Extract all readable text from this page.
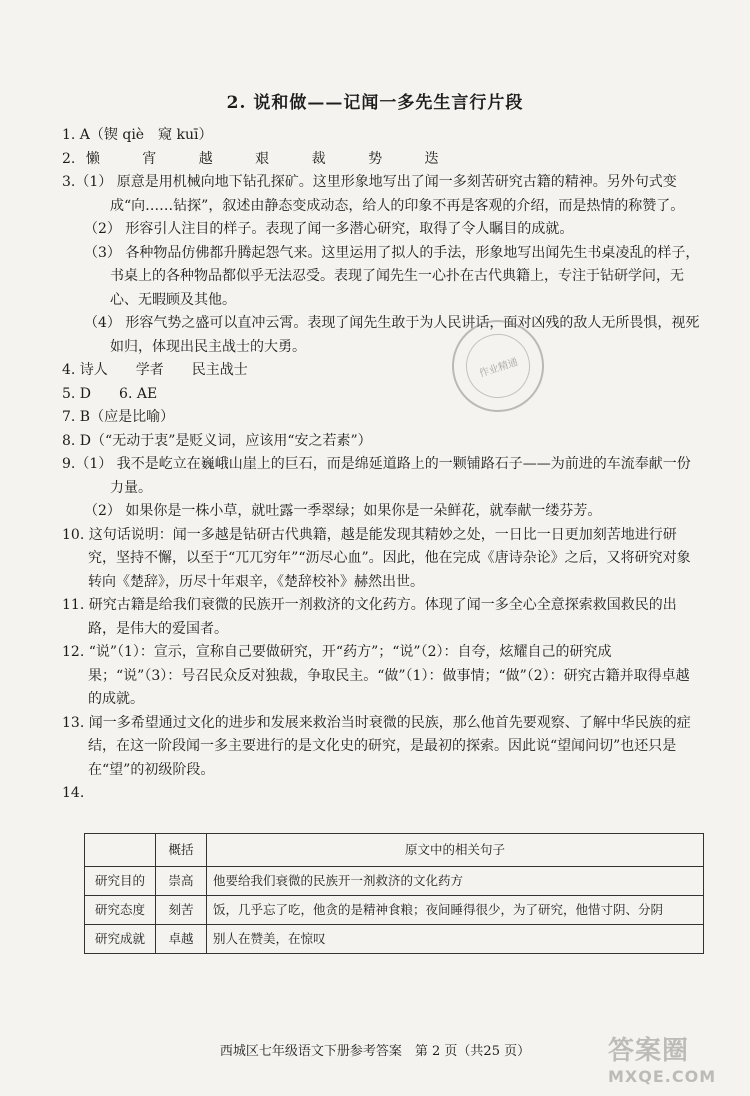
2. 说和做——记闻一多先生言行片段

1. A（锲 qiè　窥 kuī）

2. 懒	宵	越	艰	裁	势	迭

3.（1） 原意是用机械向地下钻孔探矿。这里形象地写出了闻一多刻苦研究古籍的精神。另外句式变成“向……钻探”，叙述由静态变成动态，给人的印象不再是客观的介绍，而是热情的称赞了。

（2） 形容引人注目的样子。表现了闻一多潜心研究，取得了令人瞩目的成就。

（3） 各种物品仿佛都升腾起怨气来。这里运用了拟人的手法，形象地写出闻先生书桌凌乱的样子，书桌上的各种物品都似乎无法忍受。表现了闻先生一心扑在古代典籍上，专注于钻研学问，无心、无暇顾及其他。

（4） 形容气势之盛可以直冲云霄。表现了闻先生敢于为人民讲话，面对凶残的敌人无所畏惧，视死如归，体现出民主战士的大勇。

4. 诗人　　学者　　民主战士

5. D　　6. AE

7. B（应是比喻）

8. D（“无动于衷”是贬义词，应该用“安之若素”）

9.（1） 我不是屹立在巍峨山崖上的巨石，而是绵延道路上的一颗铺路石子——为前进的车流奉献一份力量。

（2） 如果你是一株小草，就吐露一季翠绿；如果你是一朵鲜花，就奉献一缕芬芳。

10. 这句话说明：闻一多越是钻研古代典籍，越是能发现其精妙之处，一日比一日更加刻苦地进行研究，坚持不懈，以至于“兀兀穷年”“沥尽心血”。因此，他在完成《唐诗杂论》之后，又将研究对象转向《楚辞》，历尽十年艰辛，《楚辞校补》赫然出世。

11. 研究古籍是给我们衰微的民族开一剂救济的文化药方。体现了闻一多全心全意探索救国救民的出路，是伟大的爱国者。

12. “说”（1）：宣示，宣称自己要做研究，开“药方”；“说”（2）：自夸，炫耀自己的研究成果；“说”（3）：号召民众反对独裁，争取民主。“做”（1）：做事情；“做”（2）：研究古籍并取得卓越的成就。

13. 闻一多希望通过文化的进步和发展来救治当时衰微的民族，那么他首先要观察、了解中华民族的症结，在这一阶段闻一多主要进行的是文化史的研究，是最初的探索。因此说“望闻问切”也还只是在“望”的初级阶段。

14.

	概括	原文中的相关句子
研究目的	崇高	他要给我们衰微的民族开一剂救济的文化药方
研究态度	刻苦	饭，几乎忘了吃，他贪的是精神食粮；夜间睡得很少，为了研究，他惜寸阴、分阴
研究成就	卓越	别人在赞美，在惊叹
西城区七年级语文下册参考答案　第 2 页（共25 页）
作业精通
答案圈
MXQE.COM
